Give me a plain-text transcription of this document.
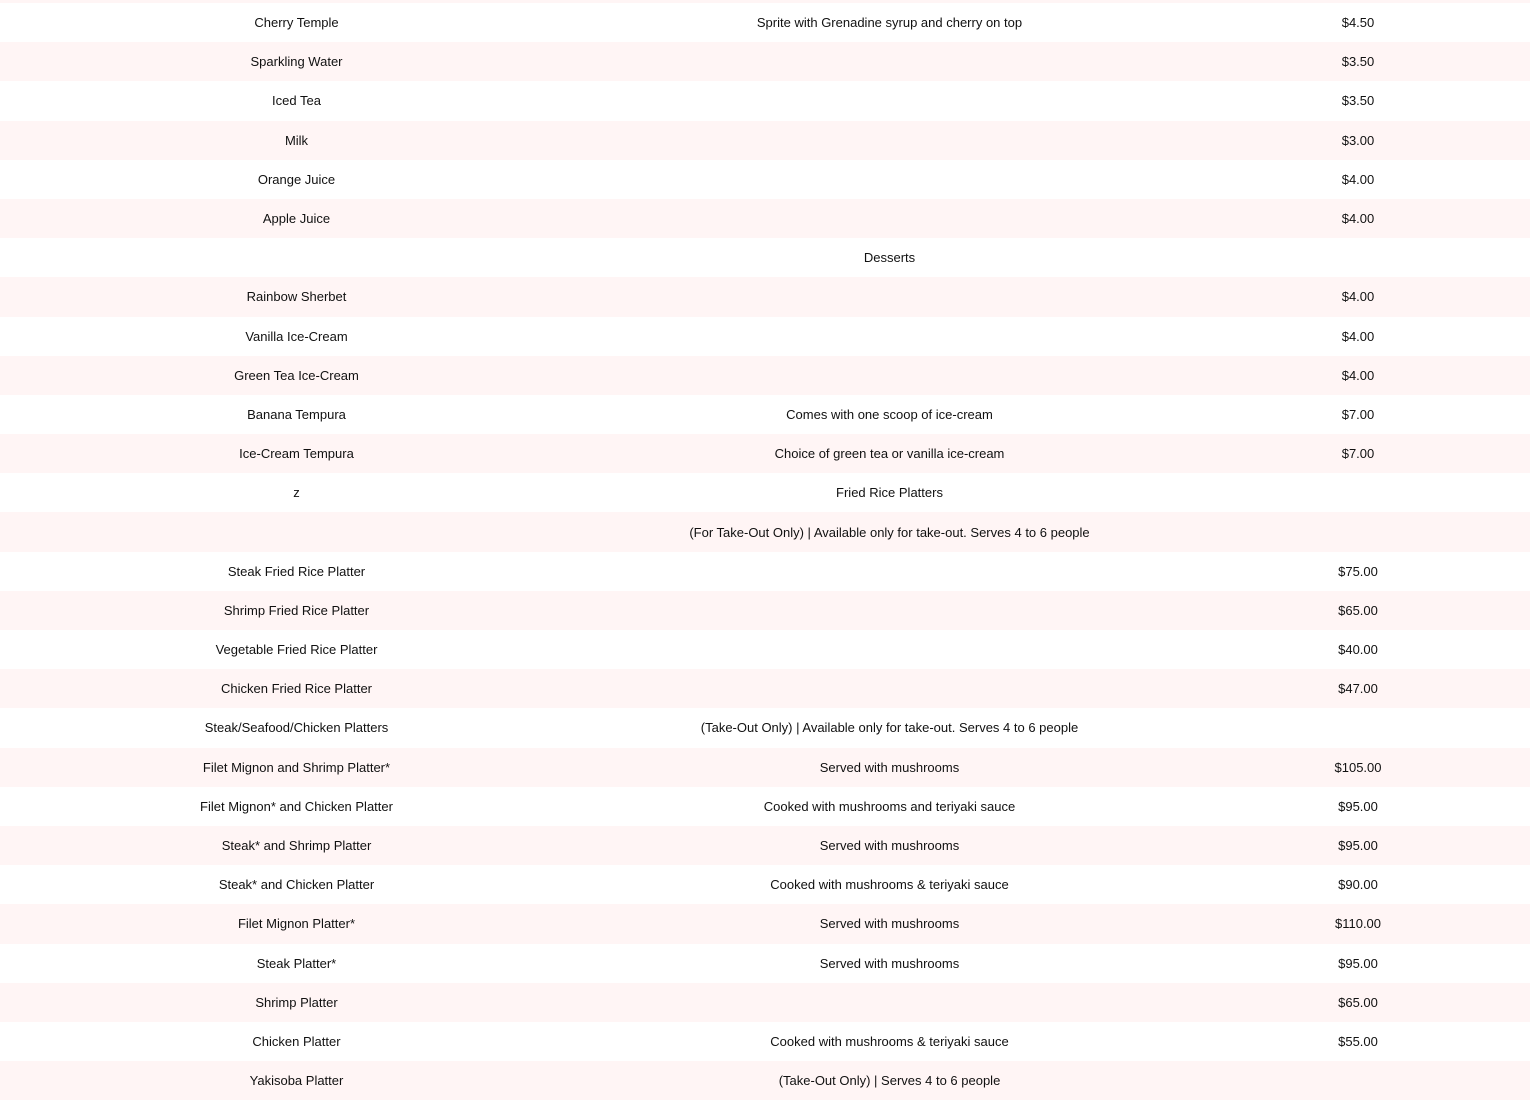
Cherry Temple	Sprite with Grenadine syrup and cherry on top	$4.50
Sparkling Water		$3.50
Iced Tea		$3.50
Milk		$3.00
Orange Juice		$4.00
Apple Juice		$4.00
	Desserts	
Rainbow Sherbet		$4.00
Vanilla Ice-Cream		$4.00
Green Tea Ice-Cream		$4.00
Banana Tempura	Comes with one scoop of ice-cream	$7.00
Ice-Cream Tempura	Choice of green tea or vanilla ice-cream	$7.00
z	Fried Rice Platters	
	(For Take-Out Only) | Available only for take-out. Serves 4 to 6 people	
Steak Fried Rice Platter		$75.00
Shrimp Fried Rice Platter		$65.00
Vegetable Fried Rice Platter		$40.00
Chicken Fried Rice Platter		$47.00
Steak/Seafood/Chicken Platters	(Take-Out Only) | Available only for take-out. Serves 4 to 6 people	
Filet Mignon and Shrimp Platter*	Served with mushrooms	$105.00
Filet Mignon* and Chicken Platter	Cooked with mushrooms and teriyaki sauce	$95.00
Steak* and Shrimp Platter	Served with mushrooms	$95.00
Steak* and Chicken Platter	Cooked with mushrooms & teriyaki sauce	$90.00
Filet Mignon Platter*	Served with mushrooms	$110.00
Steak Platter*	Served with mushrooms	$95.00
Shrimp Platter		$65.00
Chicken Platter	Cooked with mushrooms & teriyaki sauce	$55.00
Yakisoba Platter	(Take-Out Only) | Serves 4 to 6 people	
